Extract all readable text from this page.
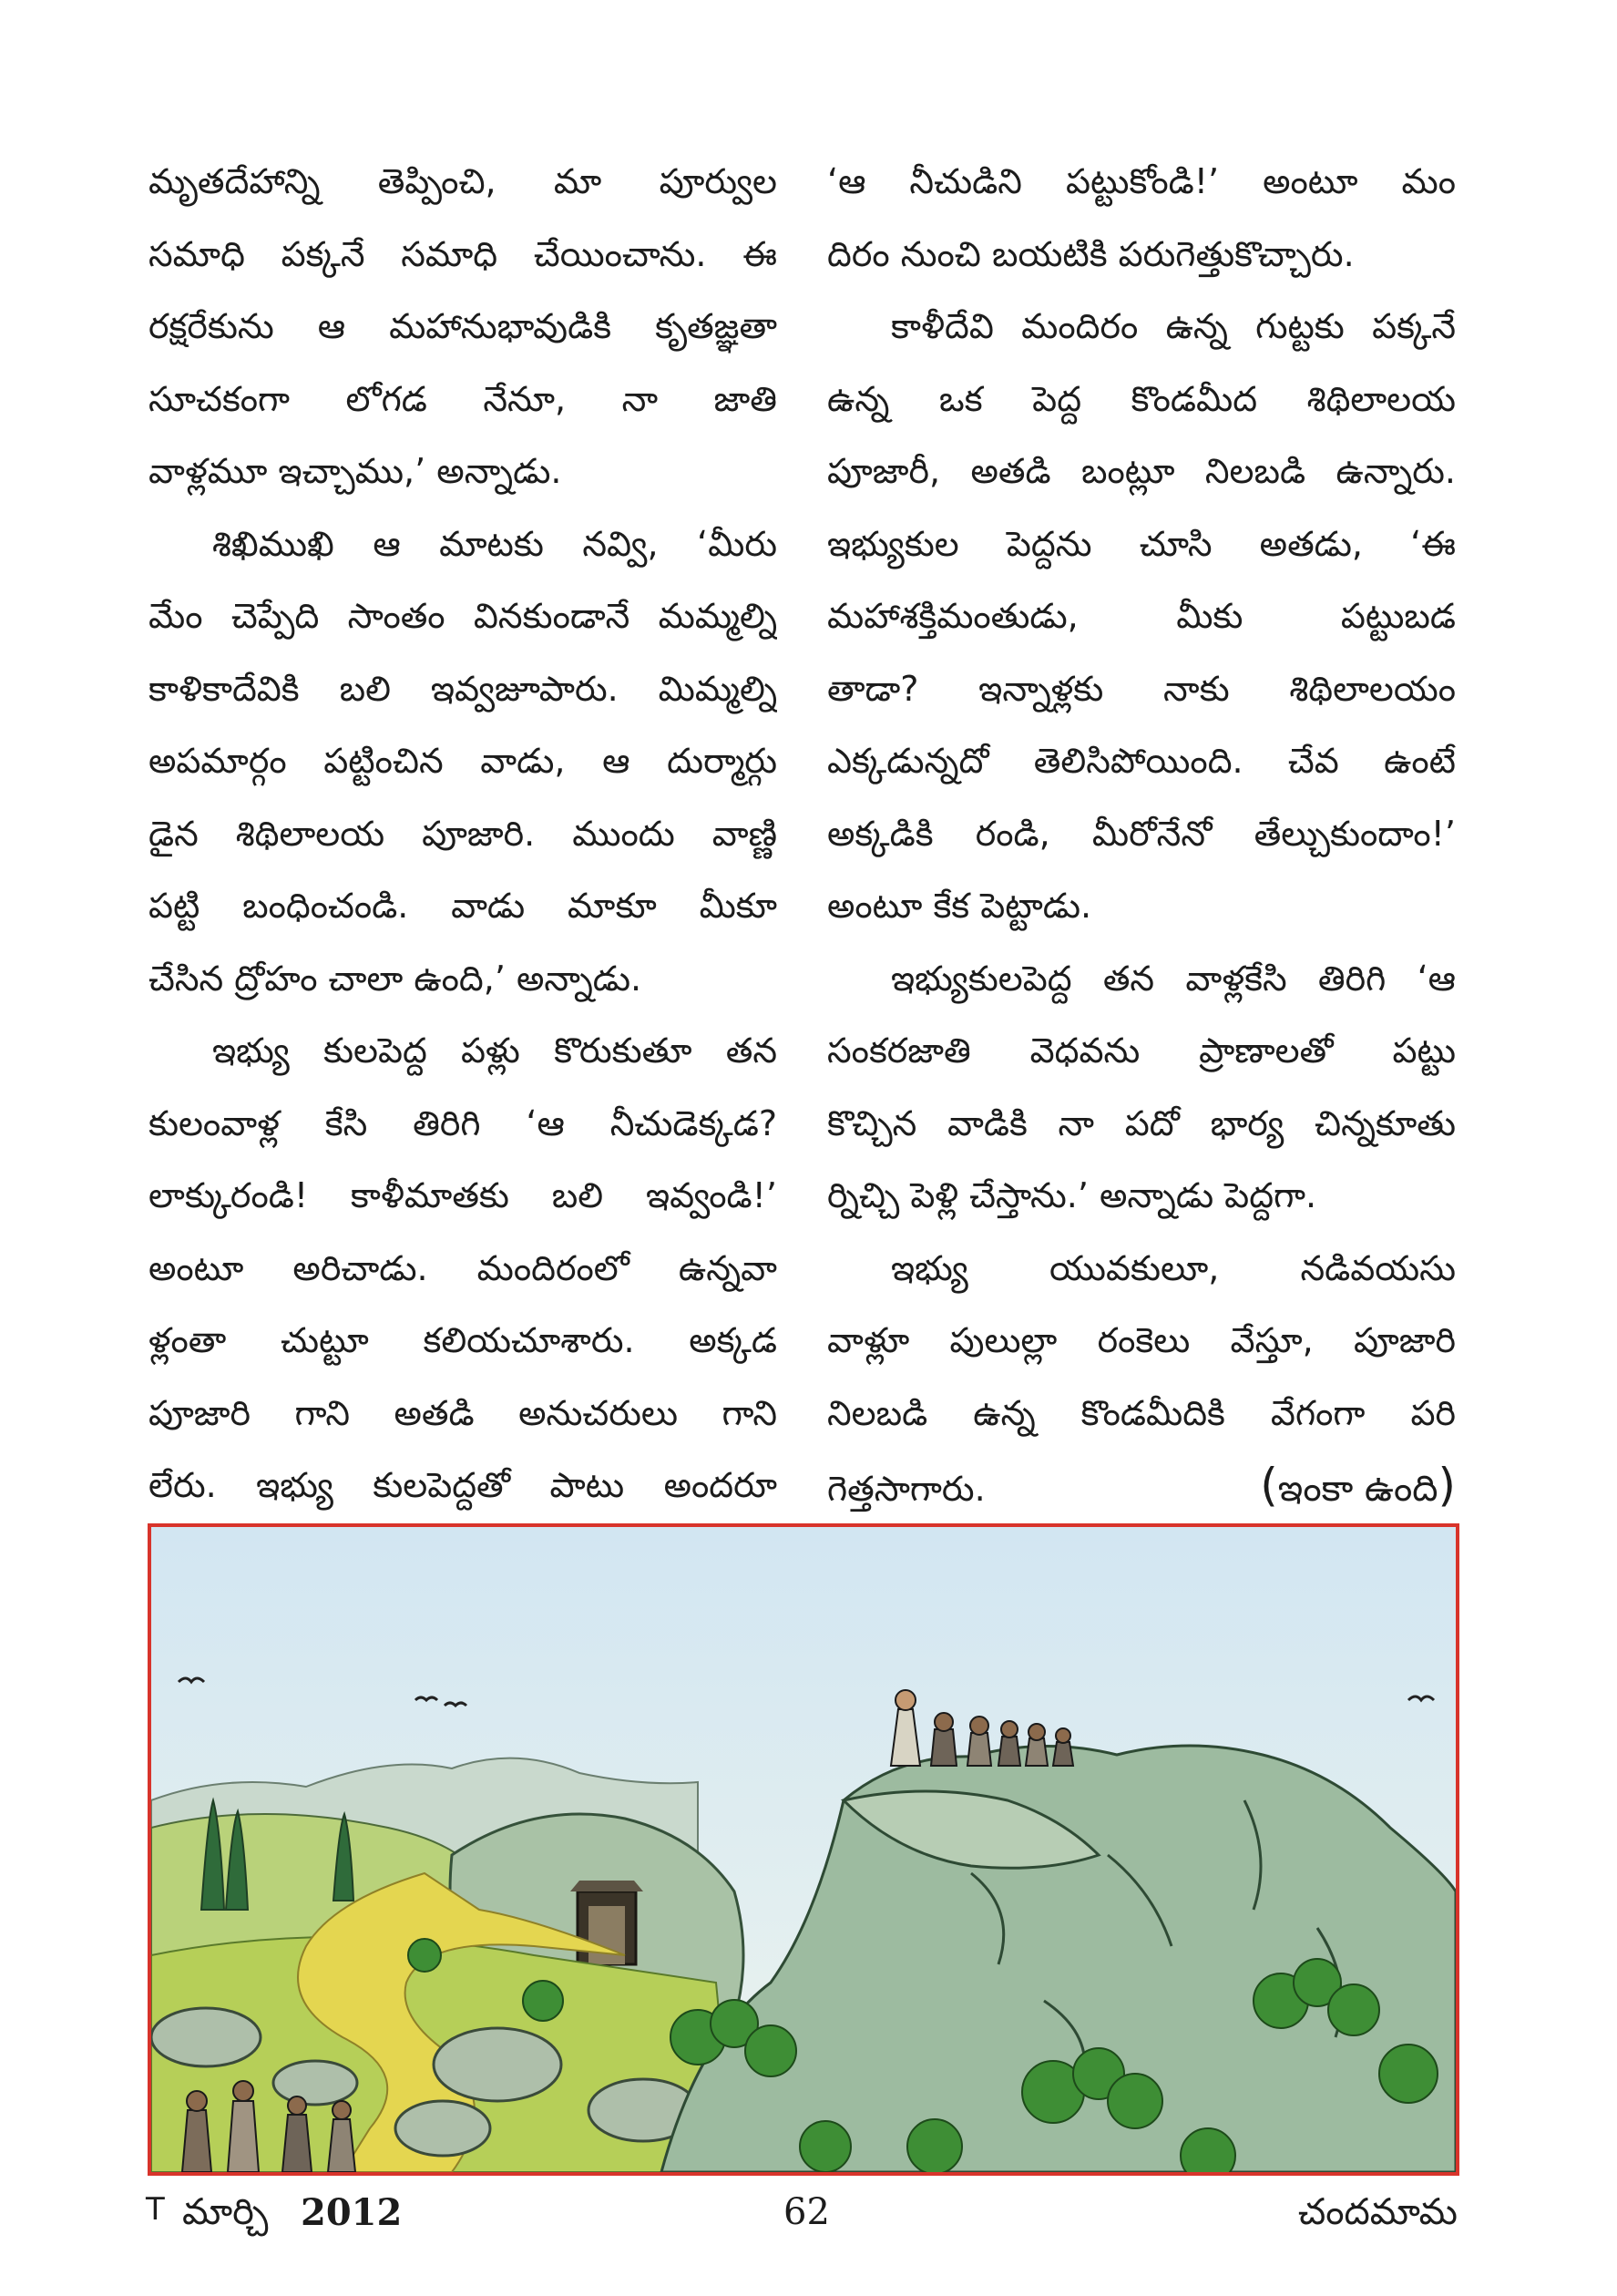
మృతదేహాన్ని తెప్పించి, మా పూర్వుల
సమాధి పక్కనే సమాధి చేయించాను. ఈ
రక్షరేకును ఆ మహానుభావుడికి కృతజ్ఞతా
సూచకంగా లోగడ నేనూ, నా జాతి
వాళ్లమూ ఇచ్చాము,’ అన్నాడు.
శిఖిముఖి ఆ మాటకు నవ్వి, ‘మీరు
మేం చెప్పేది సాంతం వినకుండానే మమ్మల్ని
కాళికాదేవికి బలి ఇవ్వజూపారు. మిమ్మల్ని
అపమార్గం పట్టించిన వాడు, ఆ దుర్మార్గు
డైన శిథిలాలయ పూజారి. ముందు వాణ్ణి
పట్టి బంధించండి. వాడు మాకూ మీకూ
చేసిన ద్రోహం చాలా ఉంది,’ అన్నాడు.
ఇభ్యు కులపెద్ద పళ్లు కొరుకుతూ తన
కులంవాళ్ల కేసి తిరిగి ‘ఆ నీచుడెక్కడ?
లాక్కురండి! కాళీమాతకు బలి ఇవ్వండి!’
అంటూ అరిచాడు. మందిరంలో ఉన్నవా
ళ్లంతా చుట్టూ కలియచూశారు. అక్కడ
పూజారి గాని అతడి అనుచరులు గాని
లేరు. ఇభ్యు కులపెద్దతో పాటు అందరూ
‘ఆ నీచుడిని పట్టుకోండి!’ అంటూ మం
దిరం నుంచి బయటికి పరుగెత్తుకొచ్చారు.
కాళీదేవి మందిరం ఉన్న గుట్టకు పక్కనే
ఉన్న ఒక పెద్ద కొండమీద శిథిలాలయ
పూజారీ, అతడి బంట్లూ నిలబడి ఉన్నారు.
ఇభ్యుకుల పెద్దను చూసి అతడు, ‘ఈ
మహాశక్తిమంతుడు, మీకు పట్టుబడ
తాడా? ఇన్నాళ్లకు నాకు శిథిలాలయం
ఎక్కడున్నదో తెలిసిపోయింది. చేవ ఉంటే
అక్కడికి రండి, మీరోనేనో తేల్చుకుందాం!’
అంటూ కేక పెట్టాడు.
ఇభ్యుకులపెద్ద తన వాళ్లకేసి తిరిగి ‘ఆ
సంకరజాతి వెధవను ప్రాణాలతో పట్టు
కొచ్చిన వాడికి నా పదో భార్య చిన్నకూతు
ర్నిచ్చి పెళ్లి చేస్తాను.’ అన్నాడు పెద్దగా.
ఇభ్యు యువకులూ, నడివయసు
వాళ్లూ పులుల్లా రంకెలు వేస్తూ, పూజారి
నిలబడి ఉన్న కొండమీదికి వేగంగా పరి
గెత్తసాగారు.	(ఇంకా ఉంది)
T మార్చి 2012	62	చందమామ
